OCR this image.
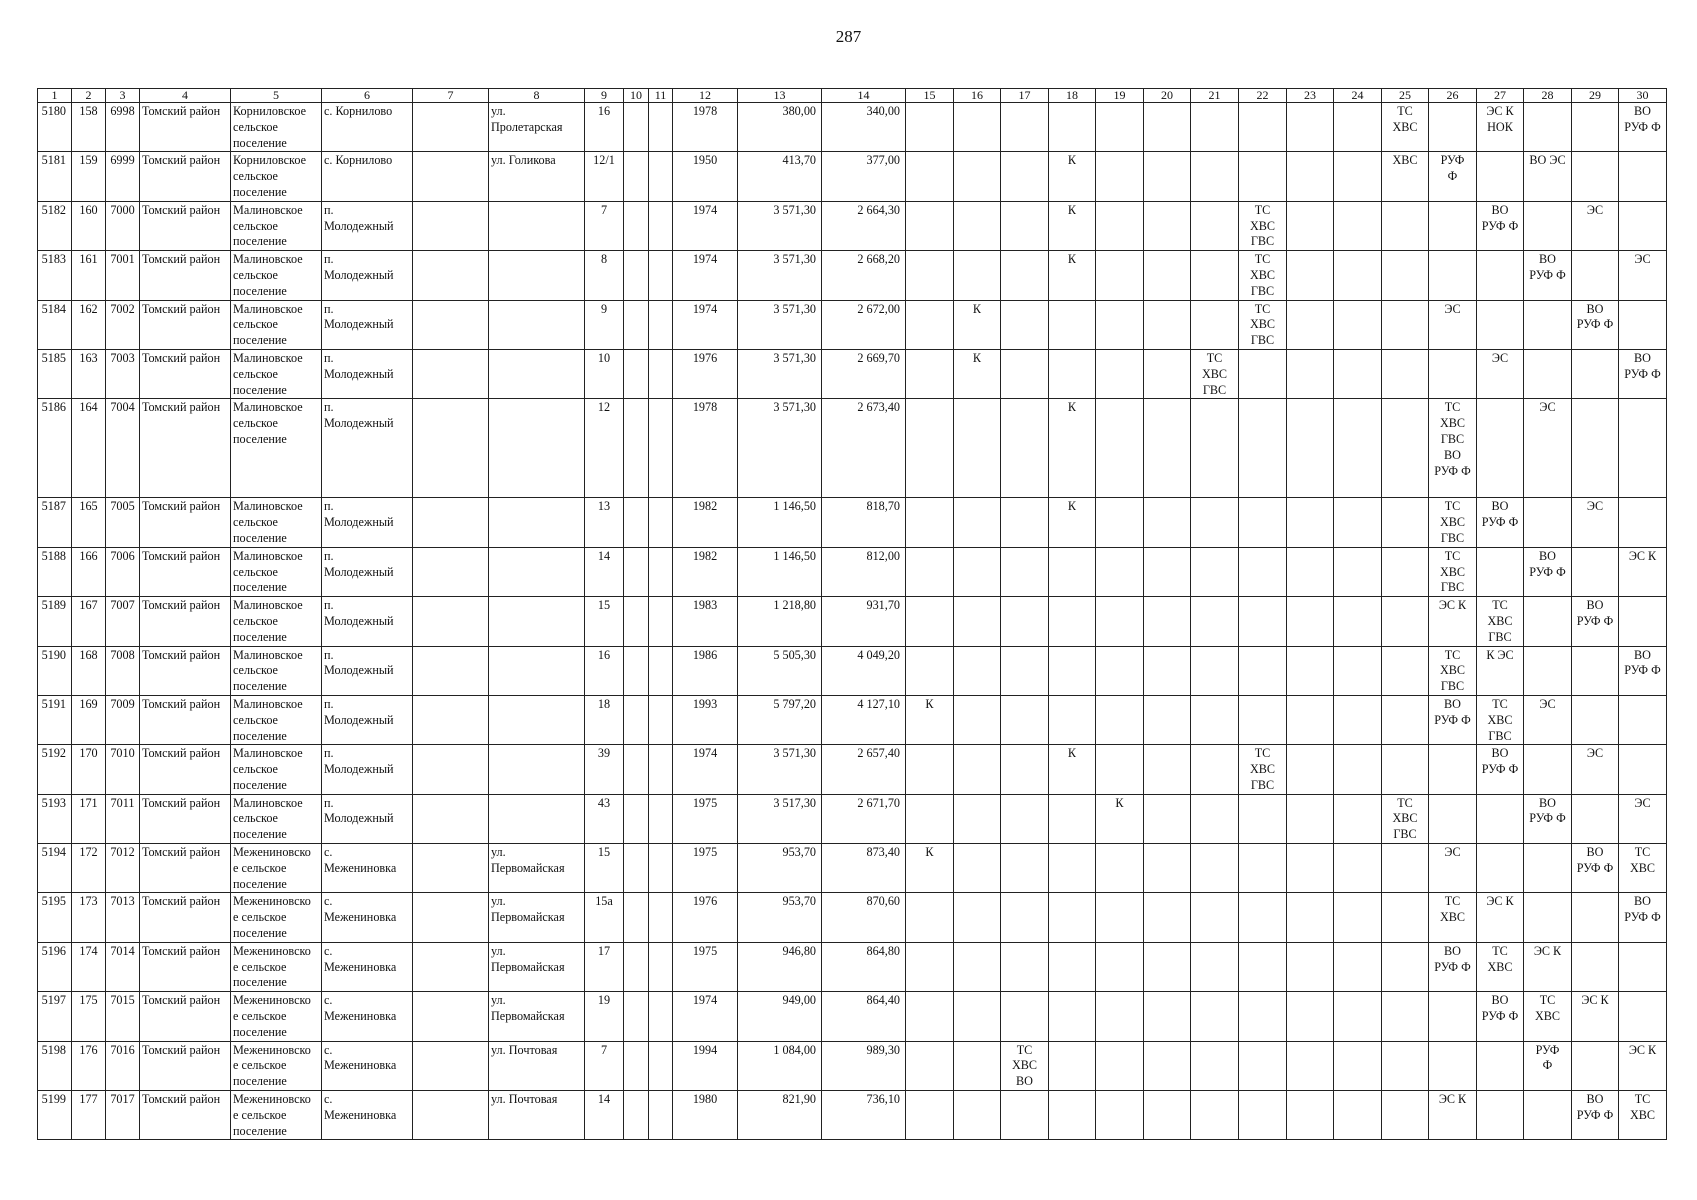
287
1	2	3	4	5	6	7	8	9	10	11	12	13	14	15	16	17	18	19	20	21	22	23	24	25	26	27	28	29	30
5180	158	6998	Томский район	Корниловское
сельское
поселение	с. Корнилово		ул.
Пролетарская	16			1978	380,00	340,00											ТС
ХВС		ЭС К
НОК			ВО
РУФ Ф
5181	159	6999	Томский район	Корниловское
сельское
поселение	с. Корнилово		ул. Голикова	12/1			1950	413,70	377,00				К							ХВС	РУФ
Ф		ВО ЭС		
5182	160	7000	Томский район	Малиновское
сельское
поселение	п.
Молодежный			7			1974	3 571,30	2 664,30				К				ТС
ХВС
ГВС					ВО
РУФ Ф		ЭС	
5183	161	7001	Томский район	Малиновское
сельское
поселение	п.
Молодежный			8			1974	3 571,30	2 668,20				К				ТС
ХВС
ГВС						ВО
РУФ Ф		ЭС
5184	162	7002	Томский район	Малиновское
сельское
поселение	п.
Молодежный			9			1974	3 571,30	2 672,00		К						ТС
ХВС
ГВС				ЭС			ВО
РУФ Ф	
5185	163	7003	Томский район	Малиновское
сельское
поселение	п.
Молодежный			10			1976	3 571,30	2 669,70		К					ТС
ХВС
ГВС						ЭС			ВО
РУФ Ф
5186	164	7004	Томский район	Малиновское
сельское
поселение	п.
Молодежный			12			1978	3 571,30	2 673,40				К								ТС
ХВС
ГВС
ВО
РУФ Ф		ЭС		
5187	165	7005	Томский район	Малиновское
сельское
поселение	п.
Молодежный			13			1982	1 146,50	818,70				К								ТС
ХВС
ГВС	ВО
РУФ Ф		ЭС	
5188	166	7006	Томский район	Малиновское
сельское
поселение	п.
Молодежный			14			1982	1 146,50	812,00												ТС
ХВС
ГВС		ВО
РУФ Ф		ЭС К
5189	167	7007	Томский район	Малиновское
сельское
поселение	п.
Молодежный			15			1983	1 218,80	931,70												ЭС К	ТС
ХВС
ГВС		ВО
РУФ Ф	
5190	168	7008	Томский район	Малиновское
сельское
поселение	п.
Молодежный			16			1986	5 505,30	4 049,20												ТС
ХВС
ГВС	К ЭС			ВО
РУФ Ф
5191	169	7009	Томский район	Малиновское
сельское
поселение	п.
Молодежный			18			1993	5 797,20	4 127,10	К											ВО
РУФ Ф	ТС
ХВС
ГВС	ЭС		
5192	170	7010	Томский район	Малиновское
сельское
поселение	п.
Молодежный			39			1974	3 571,30	2 657,40				К				ТС
ХВС
ГВС					ВО
РУФ Ф		ЭС	
5193	171	7011	Томский район	Малиновское
сельское
поселение	п.
Молодежный			43			1975	3 517,30	2 671,70					К						ТС
ХВС
ГВС			ВО
РУФ Ф		ЭС
5194	172	7012	Томский район	Межениновско
е сельское
поселение	с.
Межениновка		ул.
Первомайская	15			1975	953,70	873,40	К											ЭС			ВО
РУФ Ф	ТС
ХВС
5195	173	7013	Томский район	Межениновско
е сельское
поселение	с.
Межениновка		ул.
Первомайская	15а			1976	953,70	870,60												ТС
ХВС	ЭС К			ВО
РУФ Ф
5196	174	7014	Томский район	Межениновско
е сельское
поселение	с.
Межениновка		ул.
Первомайская	17			1975	946,80	864,80												ВО
РУФ Ф	ТС
ХВС	ЭС К		
5197	175	7015	Томский район	Межениновско
е сельское
поселение	с.
Межениновка		ул.
Первомайская	19			1974	949,00	864,40													ВО
РУФ Ф	ТС
ХВС	ЭС К	
5198	176	7016	Томский район	Межениновско
е сельское
поселение	с.
Межениновка		ул. Почтовая	7			1994	1 084,00	989,30			ТС
ХВС
ВО											РУФ
Ф		ЭС К
5199	177	7017	Томский район	Межениновско
е сельское
поселение	с.
Межениновка		ул. Почтовая	14			1980	821,90	736,10												ЭС К			ВО
РУФ Ф	ТС
ХВС
